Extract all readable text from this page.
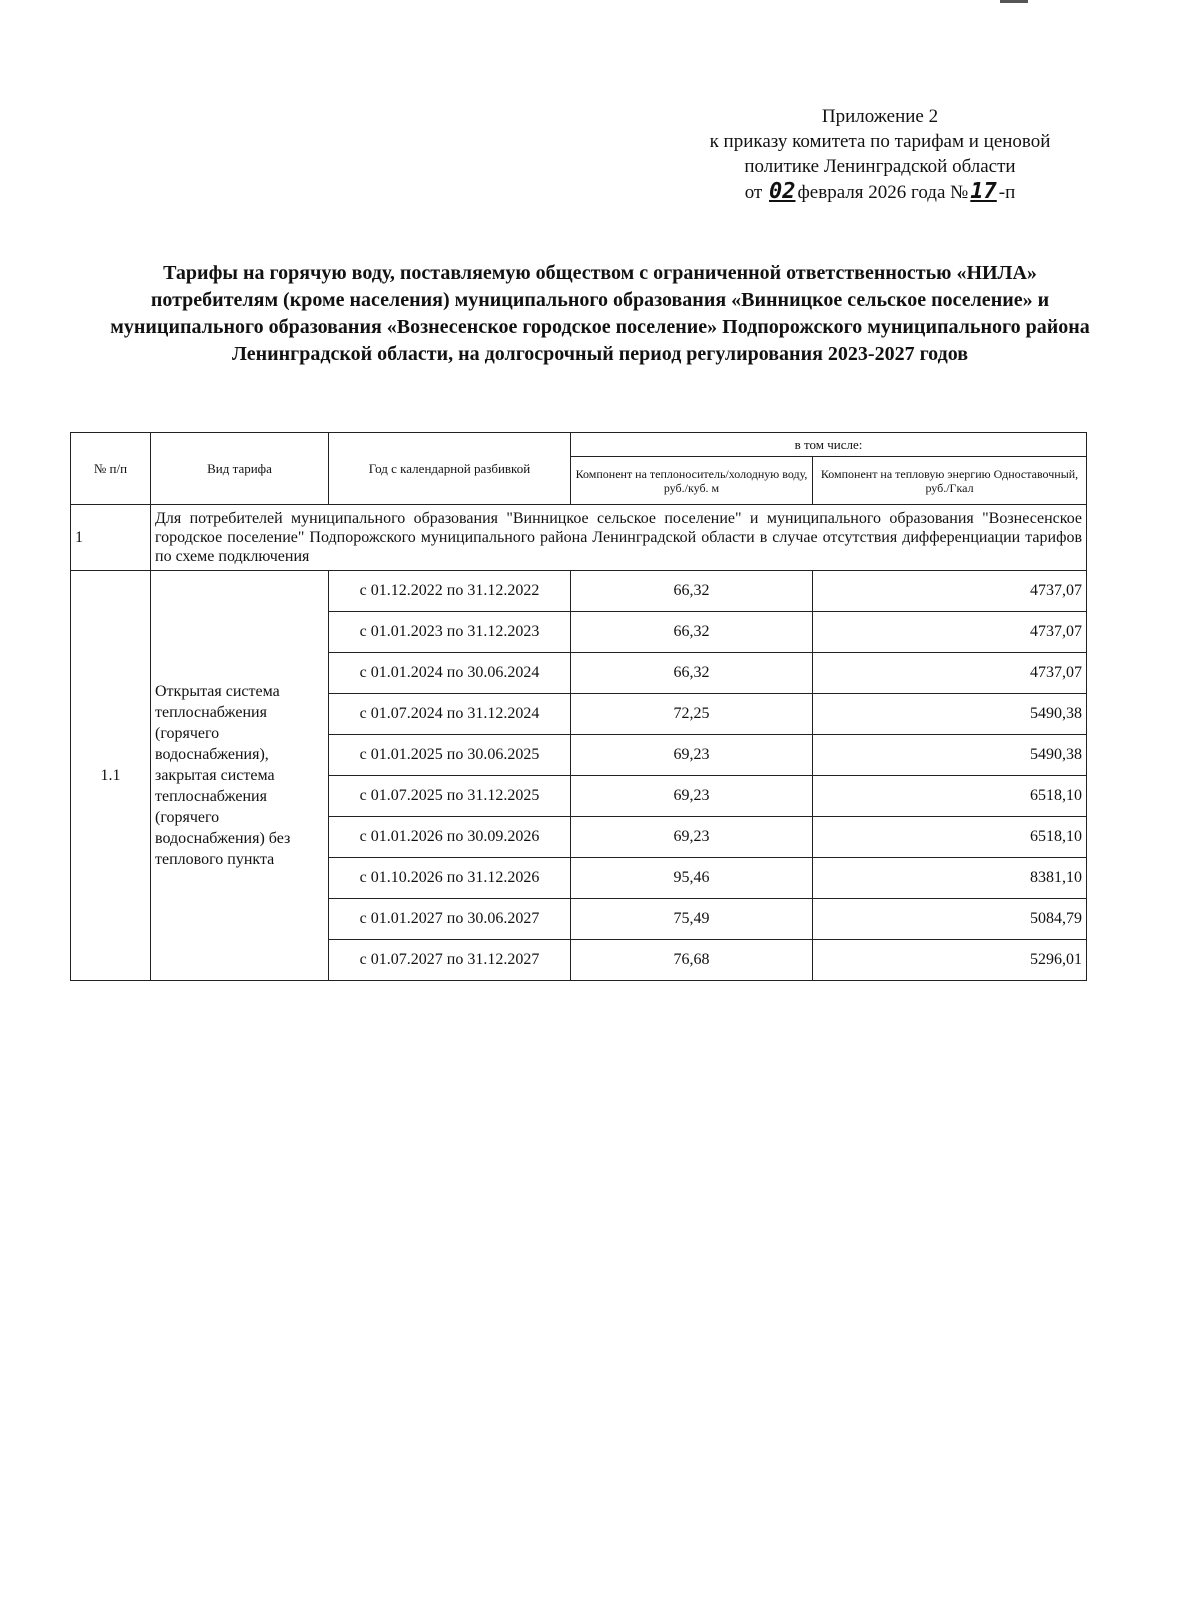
Приложение 2
к приказу комитета по тарифам и ценовой
политике Ленинградской области
от 02 февраля 2026 года №17 -п
Тарифы на горячую воду, поставляемую обществом с ограниченной ответственностью «НИЛА» потребителям (кроме населения) муниципального образования «Винницкое сельское поселение» и муниципального образования «Вознесенское городское поселение» Подпорожского муниципального района Ленинградской области, на долгосрочный период регулирования 2023-2027 годов
№ п/п	Вид тарифа	Год с календарной разбивкой	в том числе:	
			Компонент на теплоноситель/холодную воду, руб./куб. м	Компонент на тепловую энергию Одноставочный, руб./Гкал
1	Для потребителей муниципального образования "Винницкое сельское поселение" и муниципального образования "Вознесенское городское поселение" Подпорожского муниципального района Ленинградской области в случае отсутствия дифференциации тарифов по схеме подключения			
1.1	Открытая система теплоснабжения (горячего водоснабжения), закрытая система теплоснабжения (горячего водоснабжения) без теплового пункта	с 01.12.2022 по 31.12.2022	66,32	4737,07
		с 01.01.2023 по 31.12.2023	66,32	4737,07
		с 01.01.2024 по 30.06.2024	66,32	4737,07
		с 01.07.2024 по 31.12.2024	72,25	5490,38
		с 01.01.2025 по 30.06.2025	69,23	5490,38
		с 01.07.2025 по 31.12.2025	69,23	6518,10
		с 01.01.2026 по 30.09.2026	69,23	6518,10
		с 01.10.2026 по 31.12.2026	95,46	8381,10
		с 01.01.2027 по 30.06.2027	75,49	5084,79
		с 01.07.2027 по 31.12.2027	76,68	5296,01
